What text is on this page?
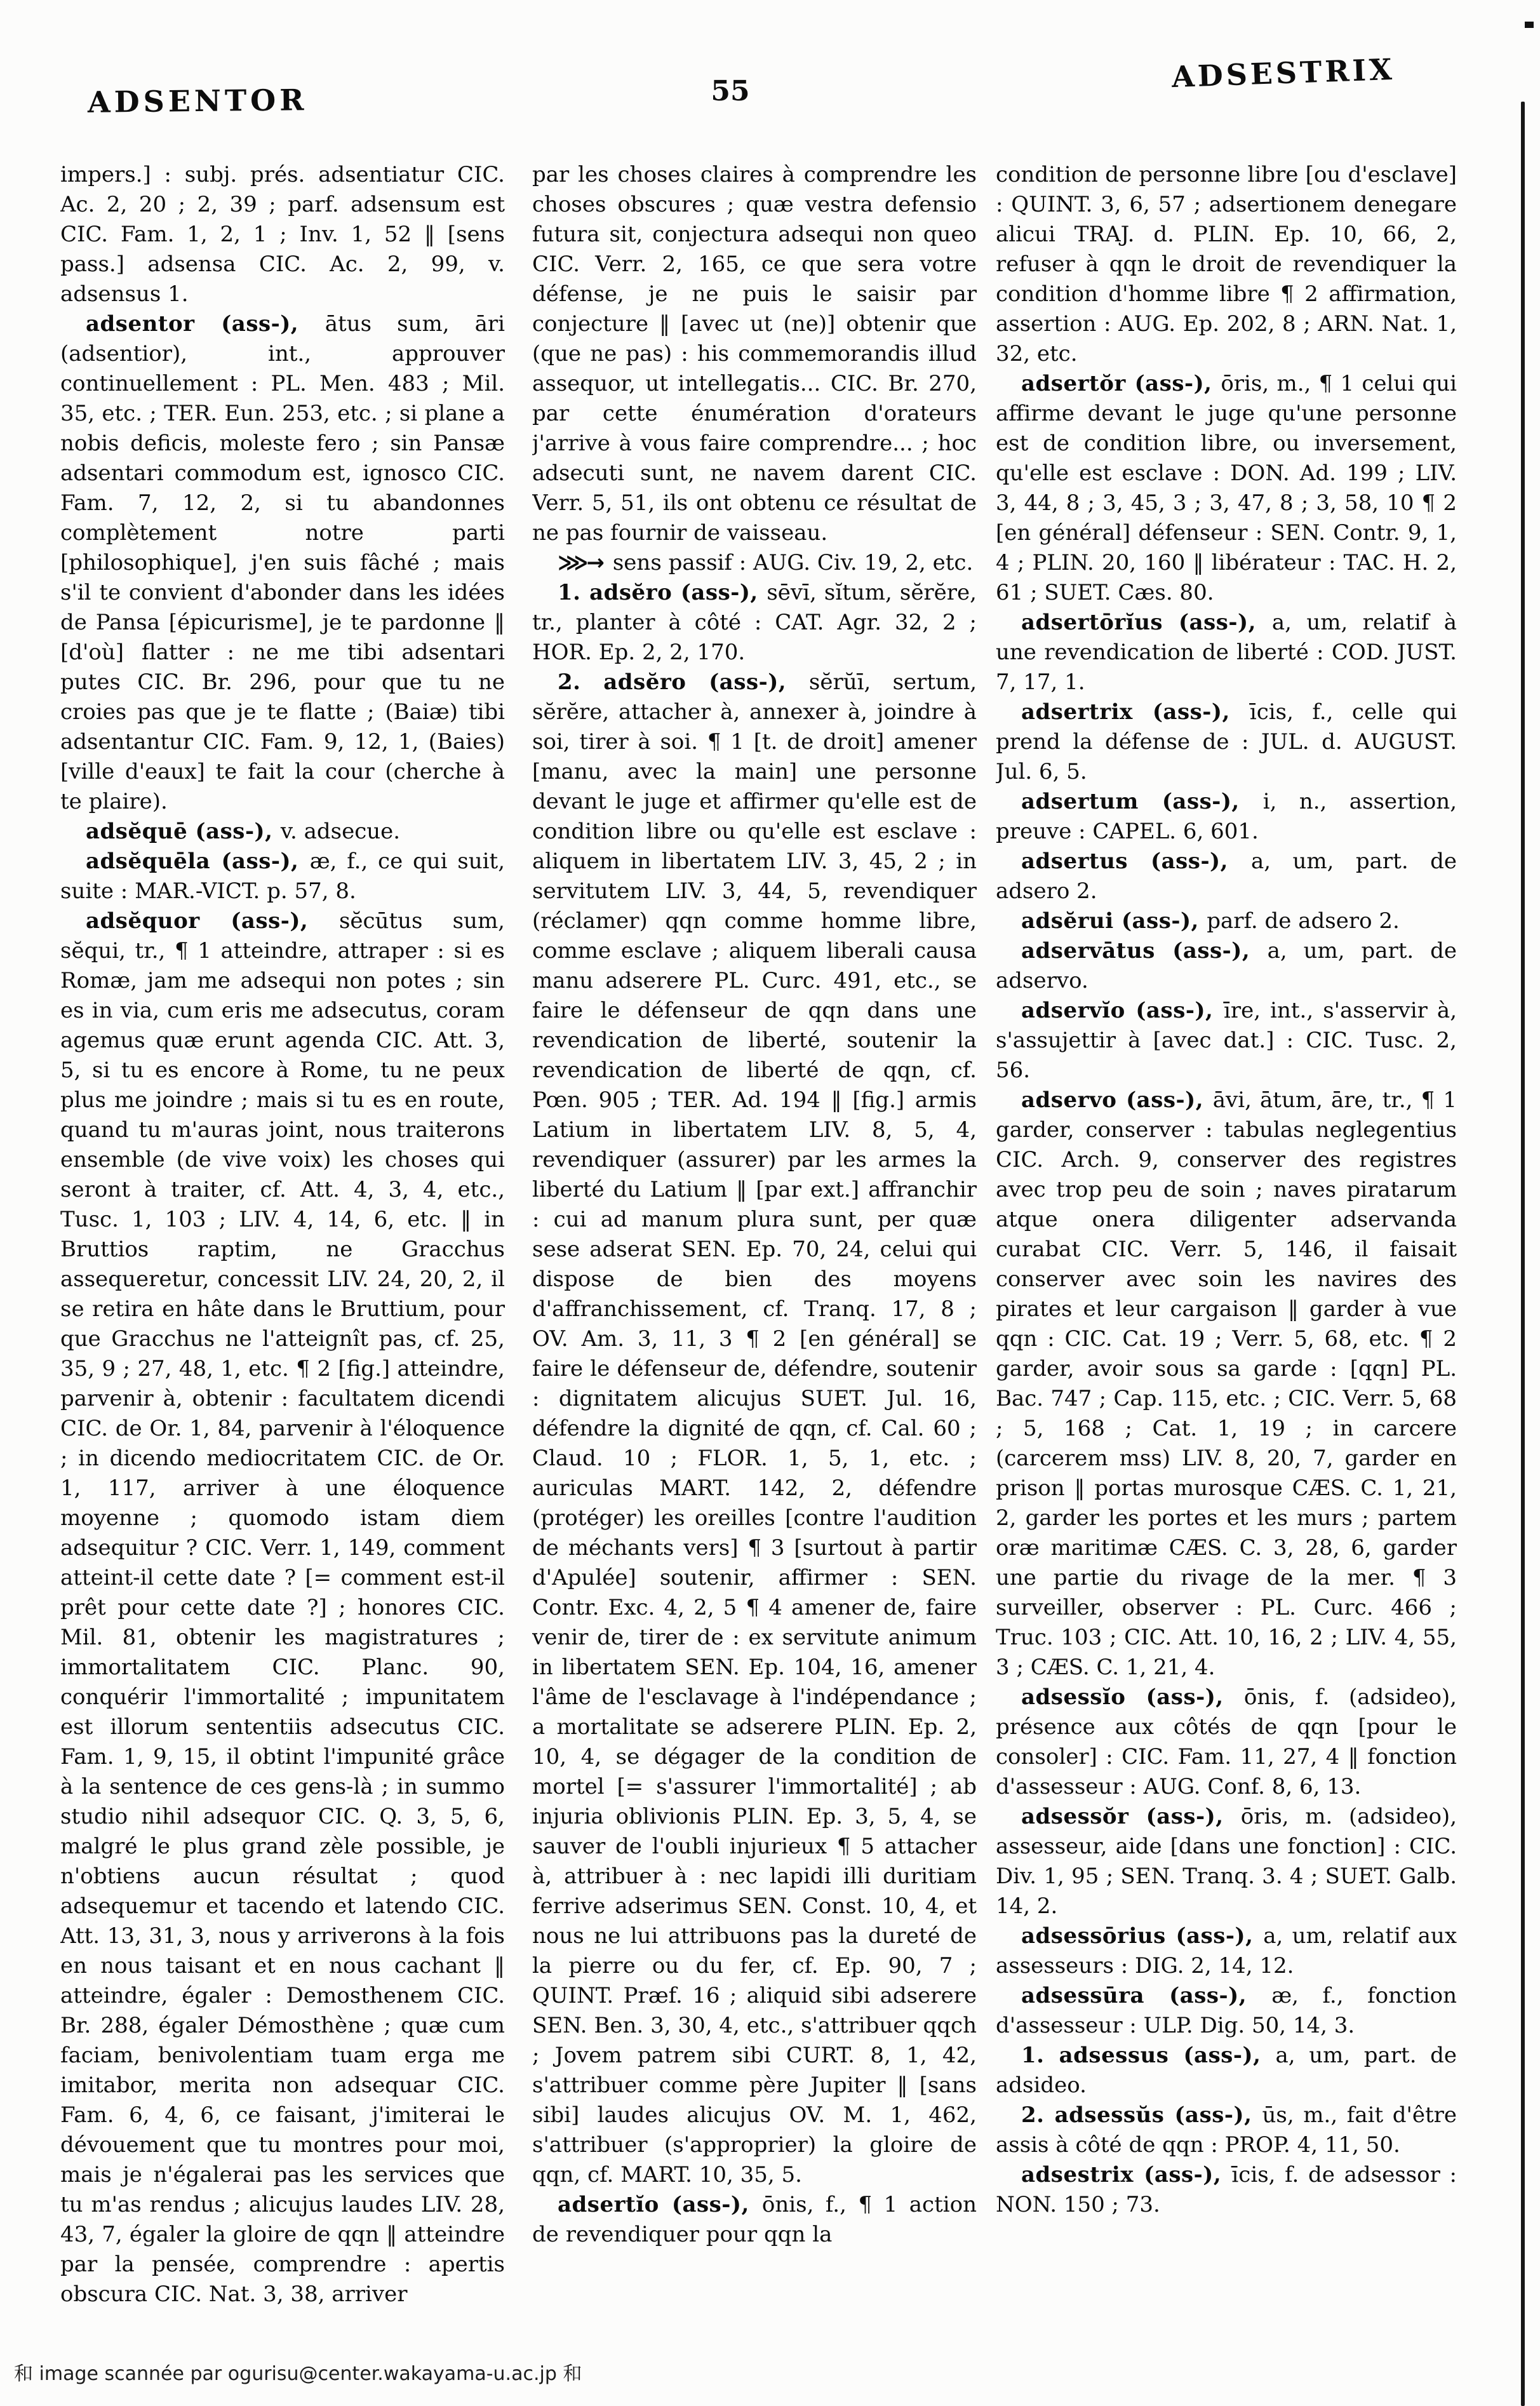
ADSENTOR	55	ADSESTRIX

impers.] : subj. prés. adsentiatur CIC. Ac. 2, 20 ; 2, 39 ; parf. adsensum est CIC. Fam. 1, 2, 1 ; Inv. 1, 52 ‖ [sens pass.] adsensa CIC. Ac. 2, 99, v. adsensus 1.

adsentor (ass-), ātus sum, āri (adsentior), int., approuver continuellement : PL. Men. 483 ; Mil. 35, etc. ; TER. Eun. 253, etc. ; si plane a nobis deficis, moleste fero ; sin Pansæ adsentari commodum est, ignosco CIC. Fam. 7, 12, 2, si tu abandonnes complètement notre parti [philosophique], j'en suis fâché ; mais s'il te convient d'abonder dans les idées de Pansa [épicurisme], je te pardonne ‖ [d'où] flatter : ne me tibi adsentari putes CIC. Br. 296, pour que tu ne croies pas que je te flatte ; (Baiæ) tibi adsentantur CIC. Fam. 9, 12, 1, (Baies) [ville d'eaux] te fait la cour (cherche à te plaire).

adsĕquē (ass-), v. adsecue.

adsĕquēla (ass-), æ, f., ce qui suit, suite : MAR.-VICT. p. 57, 8.

adsĕquor (ass-), sĕcūtus sum, sĕqui, tr., ¶ 1 atteindre, attraper : si es Romæ, jam me adsequi non potes ; sin es in via, cum eris me adsecutus, coram agemus quæ erunt agenda CIC. Att. 3, 5, si tu es encore à Rome, tu ne peux plus me joindre ; mais si tu es en route, quand tu m'auras joint, nous traiterons ensemble (de vive voix) les choses qui seront à traiter, cf. Att. 4, 3, 4, etc., Tusc. 1, 103 ; LIV. 4, 14, 6, etc. ‖ in Bruttios raptim, ne Gracchus assequeretur, concessit LIV. 24, 20, 2, il se retira en hâte dans le Bruttium, pour que Gracchus ne l'atteignît pas, cf. 25, 35, 9 ; 27, 48, 1, etc. ¶ 2 [fig.] atteindre, parvenir à, obtenir : facultatem dicendi CIC. de Or. 1, 84, parvenir à l'éloquence ; in dicendo mediocritatem CIC. de Or. 1, 117, arriver à une éloquence moyenne ; quomodo istam diem adsequitur ? CIC. Verr. 1, 149, comment atteint-il cette date ? [= comment est-il prêt pour cette date ?] ; honores CIC. Mil. 81, obtenir les magistratures ; immortalitatem CIC. Planc. 90, conquérir l'immortalité ; impunitatem est illorum sententiis adsecutus CIC. Fam. 1, 9, 15, il obtint l'impunité grâce à la sentence de ces gens-là ; in summo studio nihil adsequor CIC. Q. 3, 5, 6, malgré le plus grand zèle possible, je n'obtiens aucun résultat ; quod adsequemur et tacendo et latendo CIC. Att. 13, 31, 3, nous y arriverons à la fois en nous taisant et en nous cachant ‖ atteindre, égaler : Demosthenem CIC. Br. 288, égaler Démosthène ; quæ cum faciam, benivolentiam tuam erga me imitabor, merita non adsequar CIC. Fam. 6, 4, 6, ce faisant, j'imiterai le dévouement que tu montres pour moi, mais je n'égalerai pas les services que tu m'as rendus ; alicujus laudes LIV. 28, 43, 7, égaler la gloire de qqn ‖ atteindre par la pensée, comprendre : apertis obscura CIC. Nat. 3, 38, arriver

par les choses claires à comprendre les choses obscures ; quæ vestra defensio futura sit, conjectura adsequi non queo CIC. Verr. 2, 165, ce que sera votre défense, je ne puis le saisir par conjecture ‖ [avec ut (ne)] obtenir que (que ne pas) : his commemorandis illud assequor, ut intellegatis... CIC. Br. 270, par cette énumération d'orateurs j'arrive à vous faire comprendre... ; hoc adsecuti sunt, ne navem darent CIC. Verr. 5, 51, ils ont obtenu ce résultat de ne pas fournir de vaisseau.

⋙→ sens passif : AUG. Civ. 19, 2, etc.

1. adsĕro (ass-), sēvī, sĭtum, sĕrĕre, tr., planter à côté : CAT. Agr. 32, 2 ; HOR. Ep. 2, 2, 170.

2. adsĕro (ass-), sĕrŭī, sertum, sĕrĕre, attacher à, annexer à, joindre à soi, tirer à soi. ¶ 1 [t. de droit] amener [manu, avec la main] une personne devant le juge et affirmer qu'elle est de condition libre ou qu'elle est esclave : aliquem in libertatem LIV. 3, 45, 2 ; in servitutem LIV. 3, 44, 5, revendiquer (réclamer) qqn comme homme libre, comme esclave ; aliquem liberali causa manu adserere PL. Curc. 491, etc., se faire le défenseur de qqn dans une revendication de liberté, soutenir la revendication de liberté de qqn, cf. Pœn. 905 ; TER. Ad. 194 ‖ [fig.] armis Latium in libertatem LIV. 8, 5, 4, revendiquer (assurer) par les armes la liberté du Latium ‖ [par ext.] affranchir : cui ad manum plura sunt, per quæ sese adserat SEN. Ep. 70, 24, celui qui dispose de bien des moyens d'affranchissement, cf. Tranq. 17, 8 ; OV. Am. 3, 11, 3 ¶ 2 [en général] se faire le défenseur de, défendre, soutenir : dignitatem alicujus SUET. Jul. 16, défendre la dignité de qqn, cf. Cal. 60 ; Claud. 10 ; FLOR. 1, 5, 1, etc. ; auriculas MART. 142, 2, défendre (protéger) les oreilles [contre l'audition de méchants vers] ¶ 3 [surtout à partir d'Apulée] soutenir, affirmer : SEN. Contr. Exc. 4, 2, 5 ¶ 4 amener de, faire venir de, tirer de : ex servitute animum in libertatem SEN. Ep. 104, 16, amener l'âme de l'esclavage à l'indépendance ; a mortalitate se adserere PLIN. Ep. 2, 10, 4, se dégager de la condition de mortel [= s'assurer l'immortalité] ; ab injuria oblivionis PLIN. Ep. 3, 5, 4, se sauver de l'oubli injurieux ¶ 5 attacher à, attribuer à : nec lapidi illi duritiam ferrive adserimus SEN. Const. 10, 4, et nous ne lui attribuons pas la dureté de la pierre ou du fer, cf. Ep. 90, 7 ; QUINT. Præf. 16 ; aliquid sibi adserere SEN. Ben. 3, 30, 4, etc., s'attribuer qqch ; Jovem patrem sibi CURT. 8, 1, 42, s'attribuer comme père Jupiter ‖ [sans sibi] laudes alicujus OV. M. 1, 462, s'attribuer (s'approprier) la gloire de qqn, cf. MART. 10, 35, 5.

adsertĭo (ass-), ōnis, f., ¶ 1 action de revendiquer pour qqn la

condition de personne libre [ou d'esclave] : QUINT. 3, 6, 57 ; adsertionem denegare alicui TRAJ. d. PLIN. Ep. 10, 66, 2, refuser à qqn le droit de revendiquer la condition d'homme libre ¶ 2 affirmation, assertion : AUG. Ep. 202, 8 ; ARN. Nat. 1, 32, etc.

adsertŏr (ass-), ōris, m., ¶ 1 celui qui affirme devant le juge qu'une personne est de condition libre, ou inversement, qu'elle est esclave : DON. Ad. 199 ; LIV. 3, 44, 8 ; 3, 45, 3 ; 3, 47, 8 ; 3, 58, 10 ¶ 2 [en général] défenseur : SEN. Contr. 9, 1, 4 ; PLIN. 20, 160 ‖ libérateur : TAC. H. 2, 61 ; SUET. Cæs. 80.

adsertōrĭus (ass-), a, um, relatif à une revendication de liberté : COD. JUST. 7, 17, 1.

adsertrix (ass-), īcis, f., celle qui prend la défense de : JUL. d. AUGUST. Jul. 6, 5.

adsertum (ass-), i, n., assertion, preuve : CAPEL. 6, 601.

adsertus (ass-), a, um, part. de adsero 2.

adsĕrui (ass-), parf. de adsero 2.

adservātus (ass-), a, um, part. de adservo.

adservĭo (ass-), īre, int., s'asservir à, s'assujettir à [avec dat.] : CIC. Tusc. 2, 56.

adservo (ass-), āvi, ātum, āre, tr., ¶ 1 garder, conserver : tabulas neglegentius CIC. Arch. 9, conserver des registres avec trop peu de soin ; naves piratarum atque onera diligenter adservanda curabat CIC. Verr. 5, 146, il faisait conserver avec soin les navires des pirates et leur cargaison ‖ garder à vue qqn : CIC. Cat. 19 ; Verr. 5, 68, etc. ¶ 2 garder, avoir sous sa garde : [qqn] PL. Bac. 747 ; Cap. 115, etc. ; CIC. Verr. 5, 68 ; 5, 168 ; Cat. 1, 19 ; in carcere (carcerem mss) LIV. 8, 20, 7, garder en prison ‖ portas murosque CÆS. C. 1, 21, 2, garder les portes et les murs ; partem oræ maritimæ CÆS. C. 3, 28, 6, garder une partie du rivage de la mer. ¶ 3 surveiller, observer : PL. Curc. 466 ; Truc. 103 ; CIC. Att. 10, 16, 2 ; LIV. 4, 55, 3 ; CÆS. C. 1, 21, 4.

adsessĭo (ass-), ōnis, f. (adsideo), présence aux côtés de qqn [pour le consoler] : CIC. Fam. 11, 27, 4 ‖ fonction d'assesseur : AUG. Conf. 8, 6, 13.

adsessŏr (ass-), ōris, m. (adsideo), assesseur, aide [dans une fonction] : CIC. Div. 1, 95 ; SEN. Tranq. 3. 4 ; SUET. Galb. 14, 2.

adsessōrius (ass-), a, um, relatif aux assesseurs : DIG. 2, 14, 12.

adsessūra (ass-), æ, f., fonction d'assesseur : ULP. Dig. 50, 14, 3.

1. adsessus (ass-), a, um, part. de adsideo.

2. adsessŭs (ass-), ūs, m., fait d'être assis à côté de qqn : PROP. 4, 11, 50.

adsestrix (ass-), īcis, f. de adsessor : NON. 150 ; 73.

和 image scannée par ogurisu@center.wakayama-u.ac.jp 和
